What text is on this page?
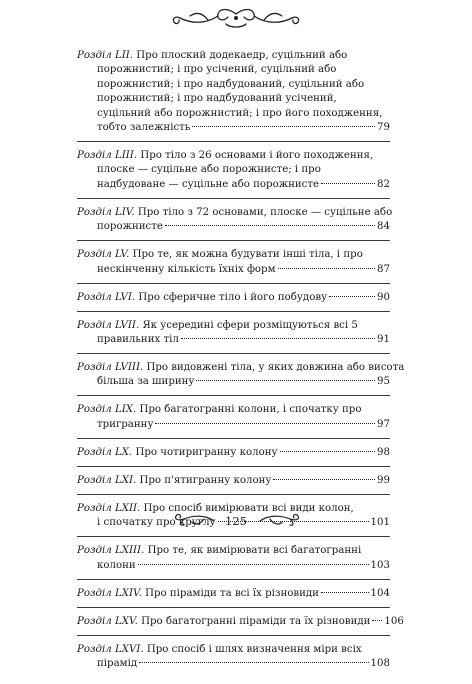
Розділ LII. Про плоский додекаедр, суцільний або
порожнистий; і про усічений, суцільний або
порожнистий; і про надбудований, суцільний або
порожнистий; і про надбудований усічений,
суцільний або порожнистий; і про його походження,
тобто залежність	79
Розділ LIII. Про тіло з 26 основами і його походження,
плоске — суцільне або порожнисте; і про
надбудоване — суцільне або порожнисте	82
Розділ LIV. Про тіло з 72 основами, плоске — суцільне або
порожнисте	84
Розділ LV. Про те, як можна будувати інші тіла, і про
нескінченну кількість їхніх форм	87
Розділ LVI. Про сферичне тіло і його побудову	90
Розділ LVII. Як усередині сфери розміщуються всі 5
правильних тіл	91
Розділ LVIII. Про видовжені тіла, у яких довжина або висота
більша за ширину	95
Розділ LIX. Про багатогранні колони, і спочатку про
тригранну	97
Розділ LX. Про чотиригранну колону	98
Розділ LXI. Про п'ятигранну колону	99
Розділ LXII. Про спосіб вимірювати всі види колон,
і спочатку про круглу	101
Розділ LXIII. Про те, як вимірювати всі багатогранні
колони	103
Розділ LXIV. Про піраміди та всі їх різновиди	104
Розділ LXV. Про багатогранні піраміди та їх різновиди 106
Розділ LXVI. Про спосіб і шлях визначення міри всіх
пірамід	108
125
